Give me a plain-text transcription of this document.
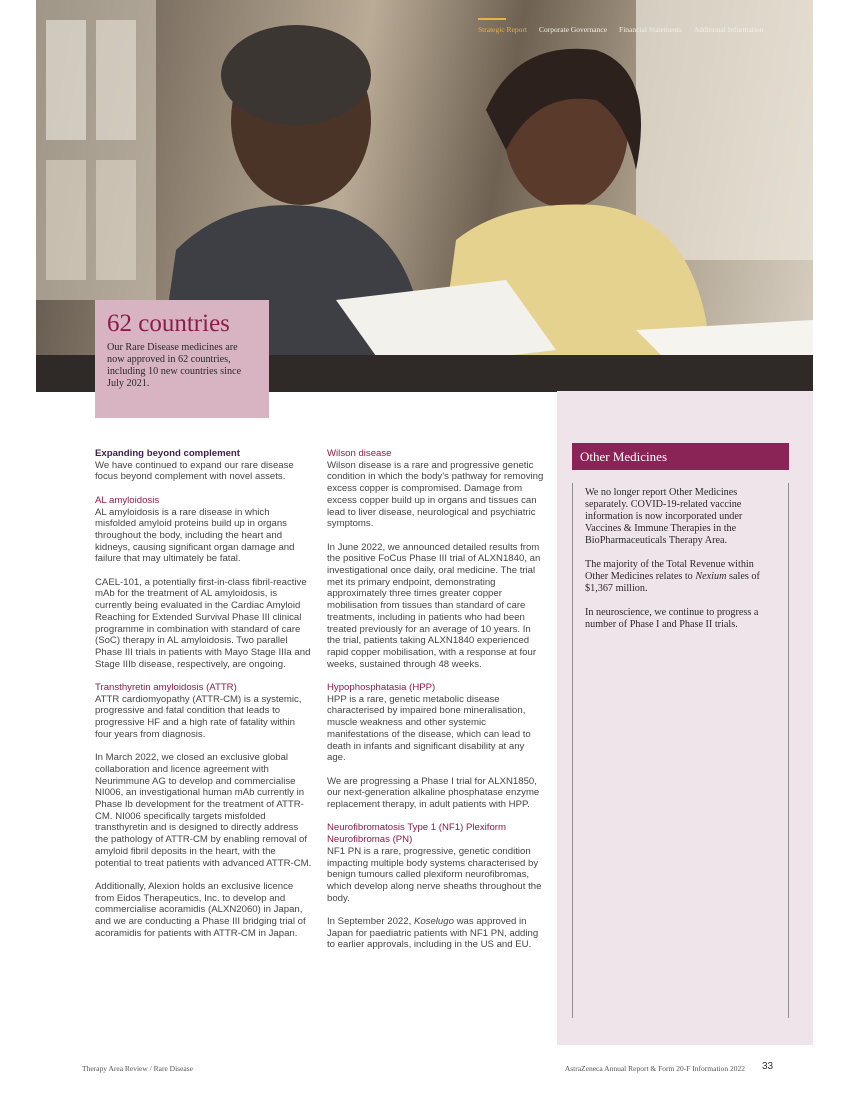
Strategic Report Corporate Governance Financial Statements Additional Information
62 countries
Our Rare Disease medicines are now approved in 62 countries, including 10 new countries since July 2021.
Expanding beyond complement

We have continued to expand our rare disease focus beyond complement with novel assets.

AL amyloidosis

AL amyloidosis is a rare disease in which misfolded amyloid proteins build up in organs throughout the body, including the heart and kidneys, causing significant organ damage and failure that may ultimately be fatal.

CAEL-101, a potentially first-in-class fibril-reactive mAb for the treatment of AL amyloidosis, is currently being evaluated in the Cardiac Amyloid Reaching for Extended Survival Phase III clinical programme in combination with standard of care (SoC) therapy in AL amyloidosis. Two parallel Phase III trials in patients with Mayo Stage IIIa and Stage IIIb disease, respectively, are ongoing.

Transthyretin amyloidosis (ATTR)

ATTR cardiomyopathy (ATTR-CM) is a systemic, progressive and fatal condition that leads to progressive HF and a high rate of fatality within four years from diagnosis.

In March 2022, we closed an exclusive global collaboration and licence agreement with Neurimmune AG to develop and commercialise NI006, an investigational human mAb currently in Phase Ib development for the treatment of ATTR-CM. NI006 specifically targets misfolded transthyretin and is designed to directly address the pathology of ATTR-CM by enabling removal of amyloid fibril deposits in the heart, with the potential to treat patients with advanced ATTR-CM.

Additionally, Alexion holds an exclusive licence from Eidos Therapeutics, Inc. to develop and commercialise acoramidis (ALXN2060) in Japan, and we are conducting a Phase III bridging trial of acoramidis for patients with ATTR-CM in Japan.

Wilson disease

Wilson disease is a rare and progressive genetic condition in which the body’s pathway for removing excess copper is compromised. Damage from excess copper build up in organs and tissues can lead to liver disease, neurological and psychiatric symptoms.

In June 2022, we announced detailed results from the positive FoCus Phase III trial of ALXN1840, an investigational once daily, oral medicine. The trial met its primary endpoint, demonstrating approximately three times greater copper mobilisation from tissues than standard of care treatments, including in patients who had been treated previously for an average of 10 years. In the trial, patients taking ALXN1840 experienced rapid copper mobilisation, with a response at four weeks, sustained through 48 weeks.

Hypophosphatasia (HPP)

HPP is a rare, genetic metabolic disease characterised by impaired bone mineralisation, muscle weakness and other systemic manifestations of the disease, which can lead to death in infants and significant disability at any age.

We are progressing a Phase I trial for ALXN1850, our next-generation alkaline phosphatase enzyme replacement therapy, in adult patients with HPP.

Neurofibromatosis Type 1 (NF1) Plexiform Neurofibromas (PN)

NF1 PN is a rare, progressive, genetic condition impacting multiple body systems characterised by benign tumours called plexiform neurofibromas, which develop along nerve sheaths throughout the body.

In September 2022, Koselugo was approved in Japan for paediatric patients with NF1 PN, adding to earlier approvals, including in the US and EU.

Other Medicines

We no longer report Other Medicines separately. COVID-19-related vaccine information is now incorporated under Vaccines & Immune Therapies in the BioPharmaceuticals Therapy Area.

The majority of the Total Revenue within Other Medicines relates to Nexium sales of $1,367 million.

In neuroscience, we continue to progress a number of Phase I and Phase II trials.

Therapy Area Review / Rare Disease	AstraZeneca Annual Report & Form 20-F Information 2022 33
